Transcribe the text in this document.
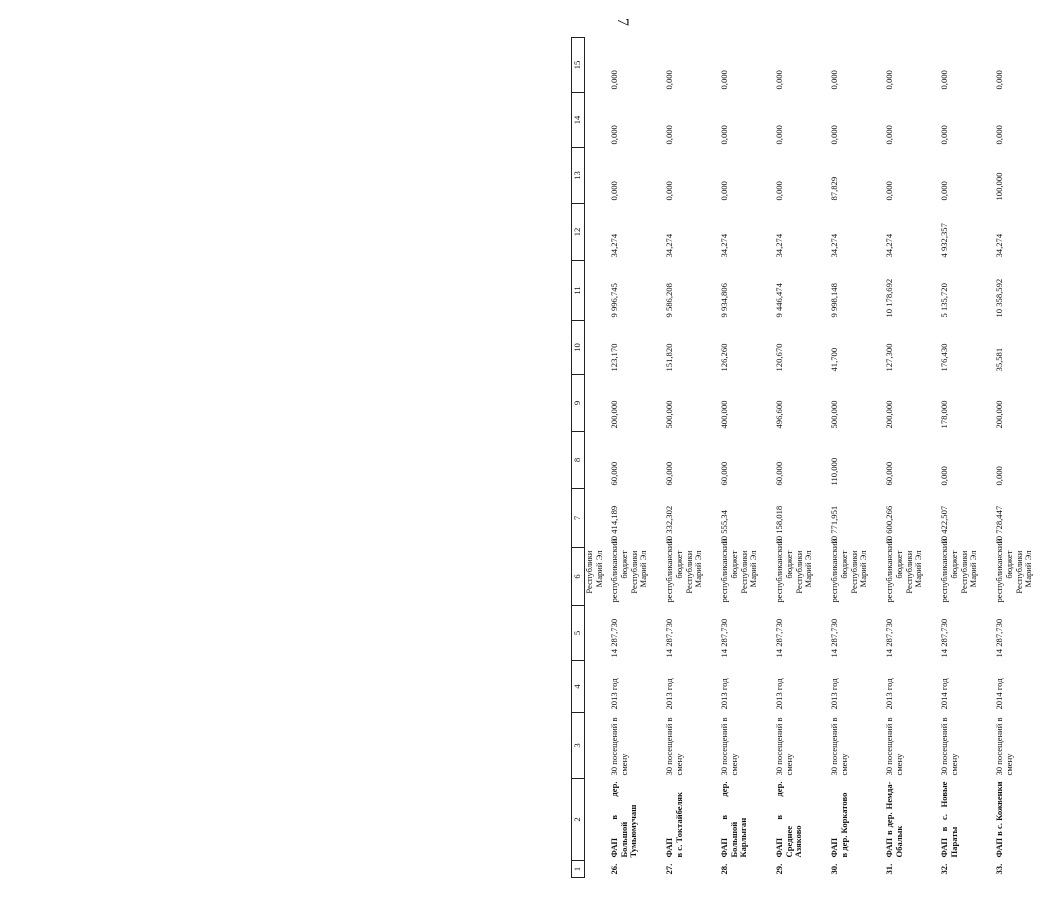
7
1	2	3	4	5	6	7	8	9	10	11	12	13	14	15

					Республики Марий Эл									

26.	ФАП в дер. Большой Тумьюмучаш	30 посещений в смену	2013 год	14 287,730	республиканский бюджет Республики Марий Эл	10 414,189	60,000	200,000	123,170	9 996,745	34,274	0,000	0,000	0,000
27.	ФАП в с. Токтайбеляк	30 посещений в смену	2013 год	14 287,730	республиканский бюджет Республики Марий Эл	10 332,302	60,000	500,000	151,820	9 586,208	34,274	0,000	0,000	0,000
28.	ФАП в дер. Большой Карлыган	30 посещений в смену	2013 год	14 287,730	республиканский бюджет Республики Марий Эл	10 555,34	60,000	400,000	126,260	9 934,806	34,274	0,000	0,000	0,000
29.	ФАП в дер. Среднее Азяково	30 посещений в смену	2013 год	14 287,730	республиканский бюджет Республики Марий Эл	10 158,018	60,000	496,600	120,670	9 446,474	34,274	0,000	0,000	0,000
30.	ФАП в дер. Коркатово	30 посещений в смену	2013 год	14 287,730	республиканский бюджет Республики Марий Эл	10 771,951	110,000	500,000	41,700	9 998,148	34,274	87,829	0,000	0,000
31.	ФАП в дер. Немда- Обалык	30 посещений в смену	2013 год	14 287,730	республиканский бюджет Республики Марий Эл	10 600,266	60,000	200,000	127,300	10 178,692	34,274	0,000	0,000	0,000
32.	ФАП в с. Новые Параты	30 посещений в смену	2014 год	14 287,730	республиканский бюджет Республики Марий Эл	10 422,507	0,000	178,000	176,430	5 135,720	4 932,357	0,000	0,000	0,000
33.	ФАП в с. Кожвенки	30 посещений в смену	2014 год	14 287,730	республиканский бюджет Республики Марий Эл	10 728,447	0,000	200,000	35,581	10 358,592	34,274	100,000	0,000	0,000
